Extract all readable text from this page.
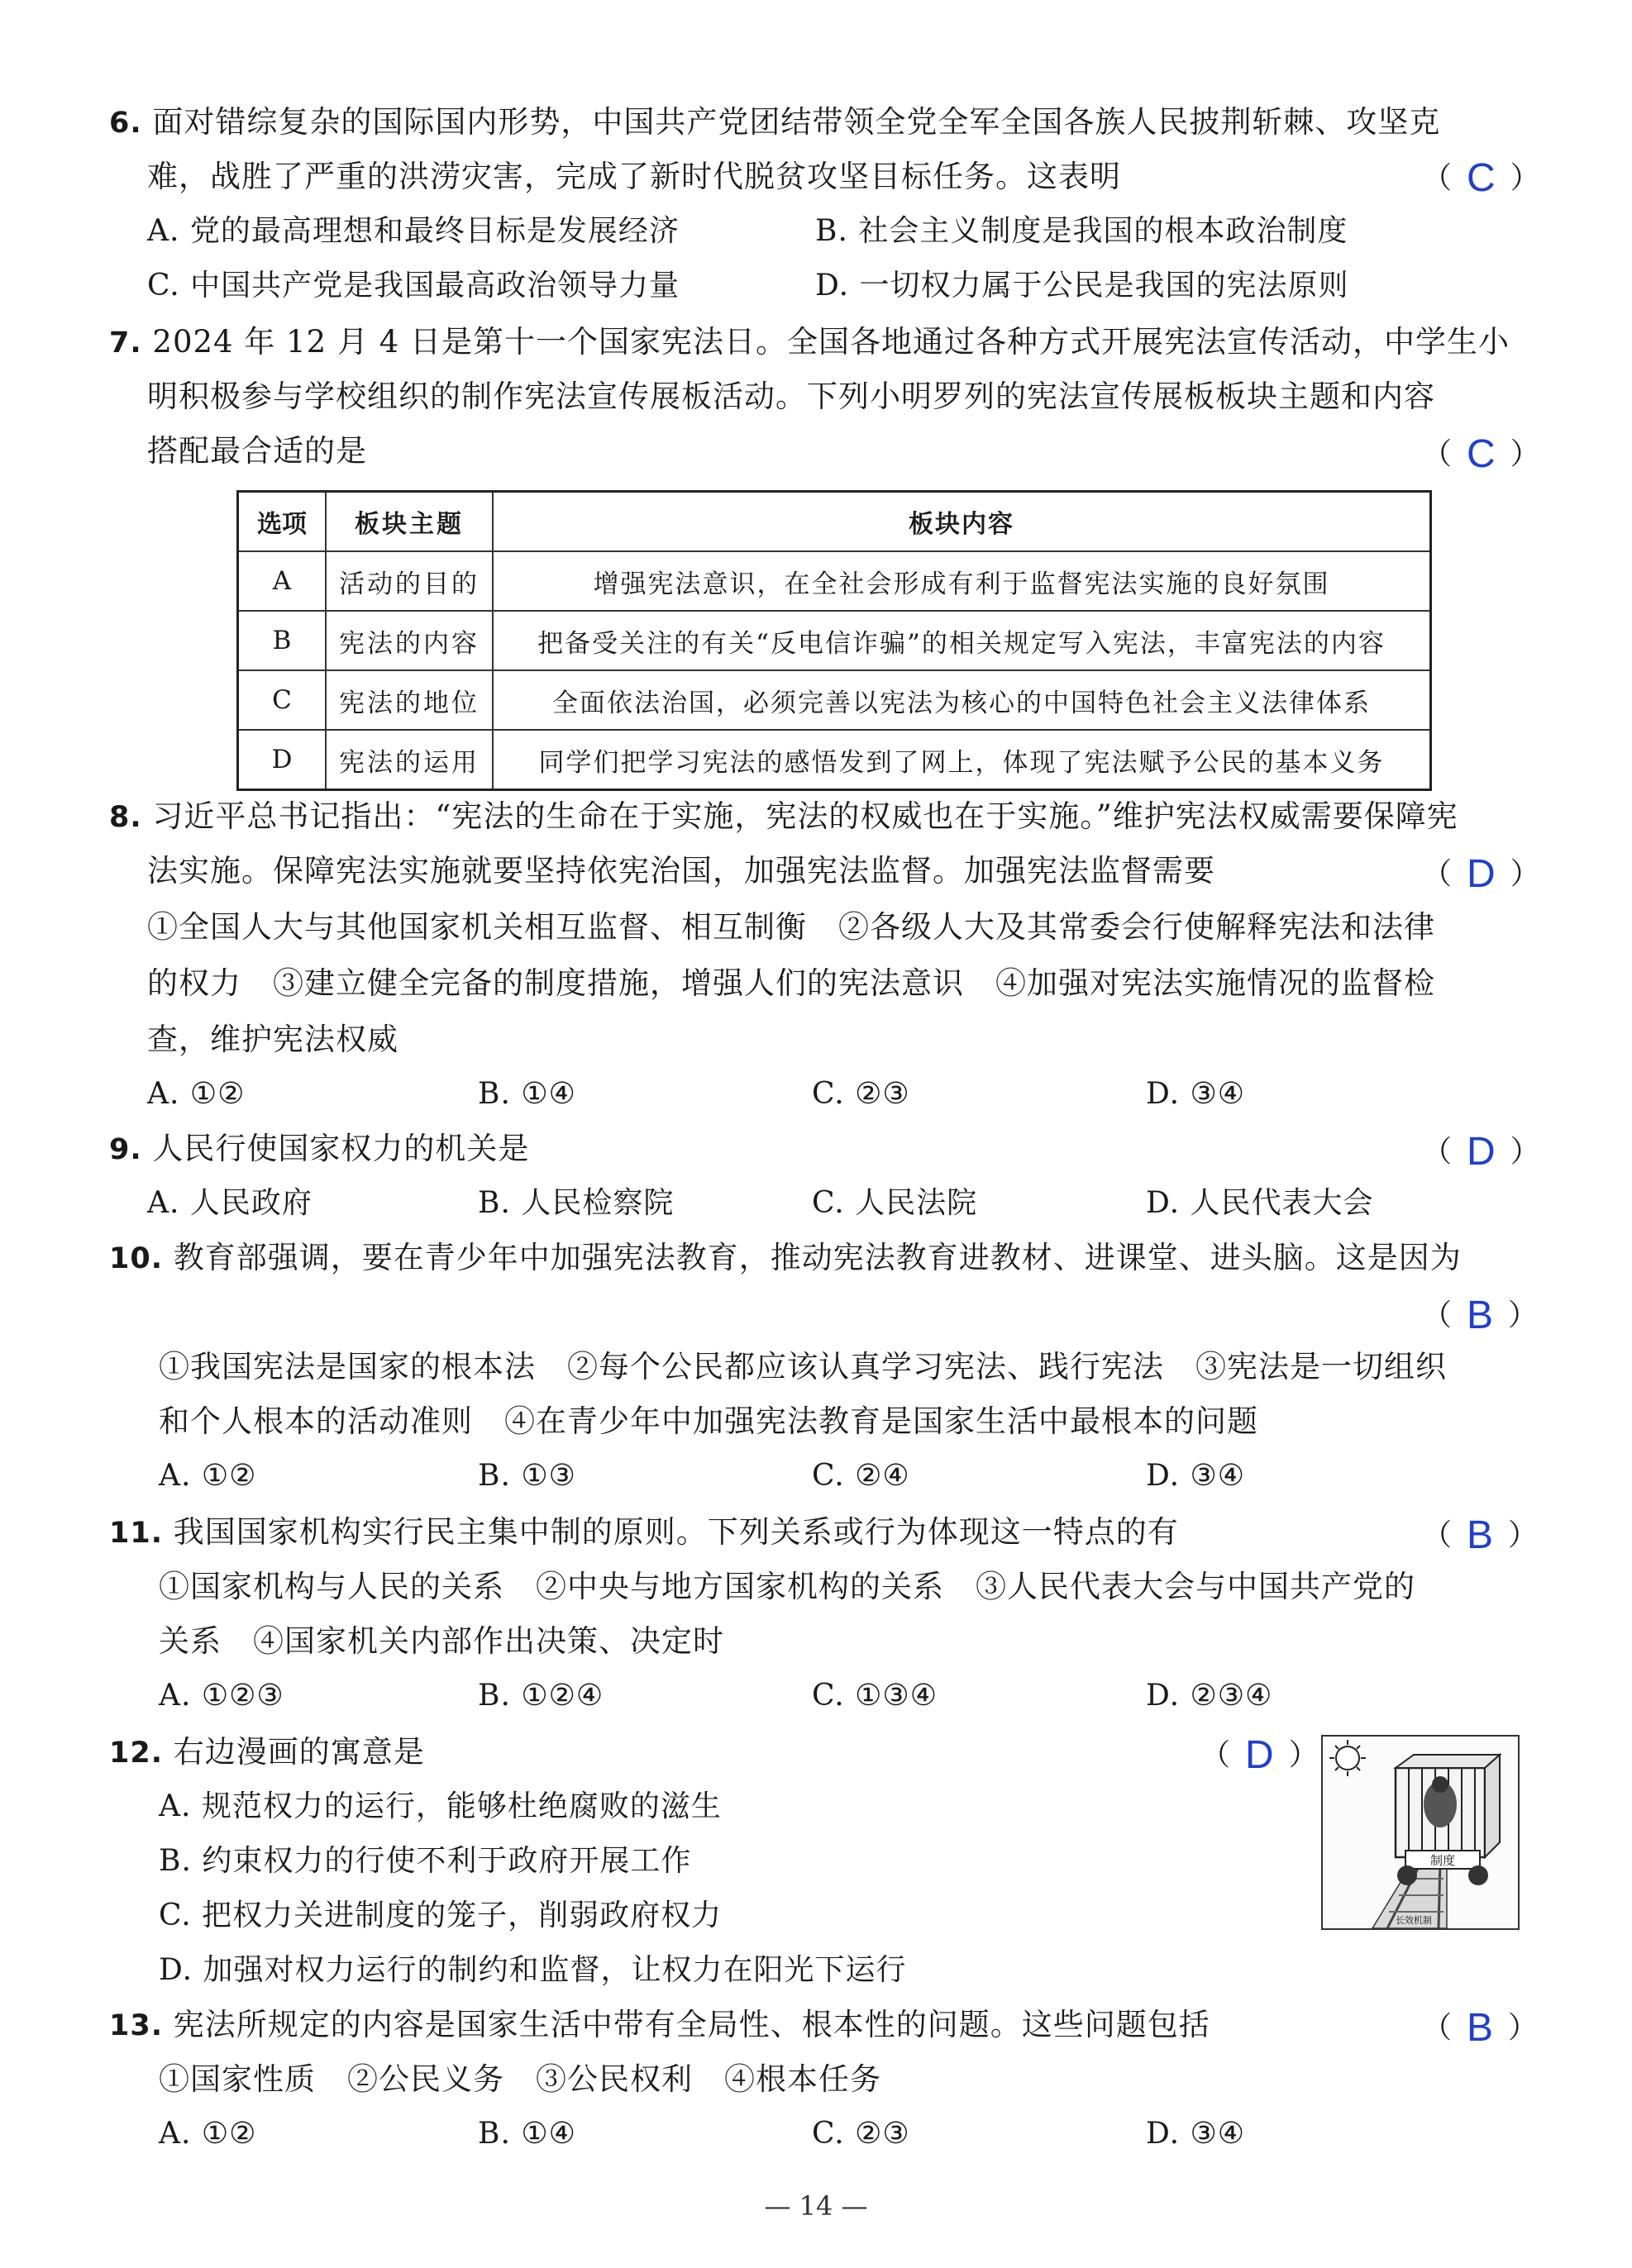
6. 面对错综复杂的国际国内形势，中国共产党团结带领全党全军全国各族人民披荆斩棘、攻坚克
难，战胜了严重的洪涝灾害，完成了新时代脱贫攻坚目标任务。这表明	（ C ）
A. 党的最高理想和最终目标是发展经济	B. 社会主义制度是我国的根本政治制度
C. 中国共产党是我国最高政治领导力量	D. 一切权力属于公民是我国的宪法原则
7. 2024 年 12 月 4 日是第十一个国家宪法日。全国各地通过各种方式开展宪法宣传活动，中学生小
明积极参与学校组织的制作宪法宣传展板活动。下列小明罗列的宪法宣传展板板块主题和内容
搭配最合适的是	（ C ）
选项	板块主题	板块内容
A	活动的目的	增强宪法意识，在全社会形成有利于监督宪法实施的良好氛围
B	宪法的内容	把备受关注的有关“反电信诈骗”的相关规定写入宪法，丰富宪法的内容
C	宪法的地位	全面依法治国，必须完善以宪法为核心的中国特色社会主义法律体系
D	宪法的运用	同学们把学习宪法的感悟发到了网上，体现了宪法赋予公民的基本义务
8. 习近平总书记指出：“宪法的生命在于实施，宪法的权威也在于实施。”维护宪法权威需要保障宪
法实施。保障宪法实施就要坚持依宪治国，加强宪法监督。加强宪法监督需要	（ D ）
①全国人大与其他国家机关相互监督、相互制衡　②各级人大及其常委会行使解释宪法和法律
的权力　③建立健全完备的制度措施，增强人们的宪法意识　④加强对宪法实施情况的监督检
查，维护宪法权威
A. ①②	B. ①④	C. ②③	D. ③④
9. 人民行使国家权力的机关是	（ D ）
A. 人民政府	B. 人民检察院	C. 人民法院	D. 人民代表大会
10. 教育部强调，要在青少年中加强宪法教育，推动宪法教育进教材、进课堂、进头脑。这是因为
（ B ）
①我国宪法是国家的根本法　②每个公民都应该认真学习宪法、践行宪法　③宪法是一切组织
和个人根本的活动准则　④在青少年中加强宪法教育是国家生活中最根本的问题
A. ①②	B. ①③	C. ②④	D. ③④
11. 我国国家机构实行民主集中制的原则。下列关系或行为体现这一特点的有	（ B ）
①国家机构与人民的关系　②中央与地方国家机构的关系　③人民代表大会与中国共产党的
关系　④国家机关内部作出决策、决定时
A. ①②③	B. ①②④	C. ①③④	D. ②③④
12. 右边漫画的寓意是	（ D ）
A. 规范权力的运行，能够杜绝腐败的滋生
B. 约束权力的行使不利于政府开展工作
C. 把权力关进制度的笼子，削弱政府权力
D. 加强对权力运行的制约和监督，让权力在阳光下运行
制度
长效机制
13. 宪法所规定的内容是国家生活中带有全局性、根本性的问题。这些问题包括	（ B ）
①国家性质　②公民义务　③公民权利　④根本任务
A. ①②	B. ①④	C. ②③	D. ③④
— 14 —
